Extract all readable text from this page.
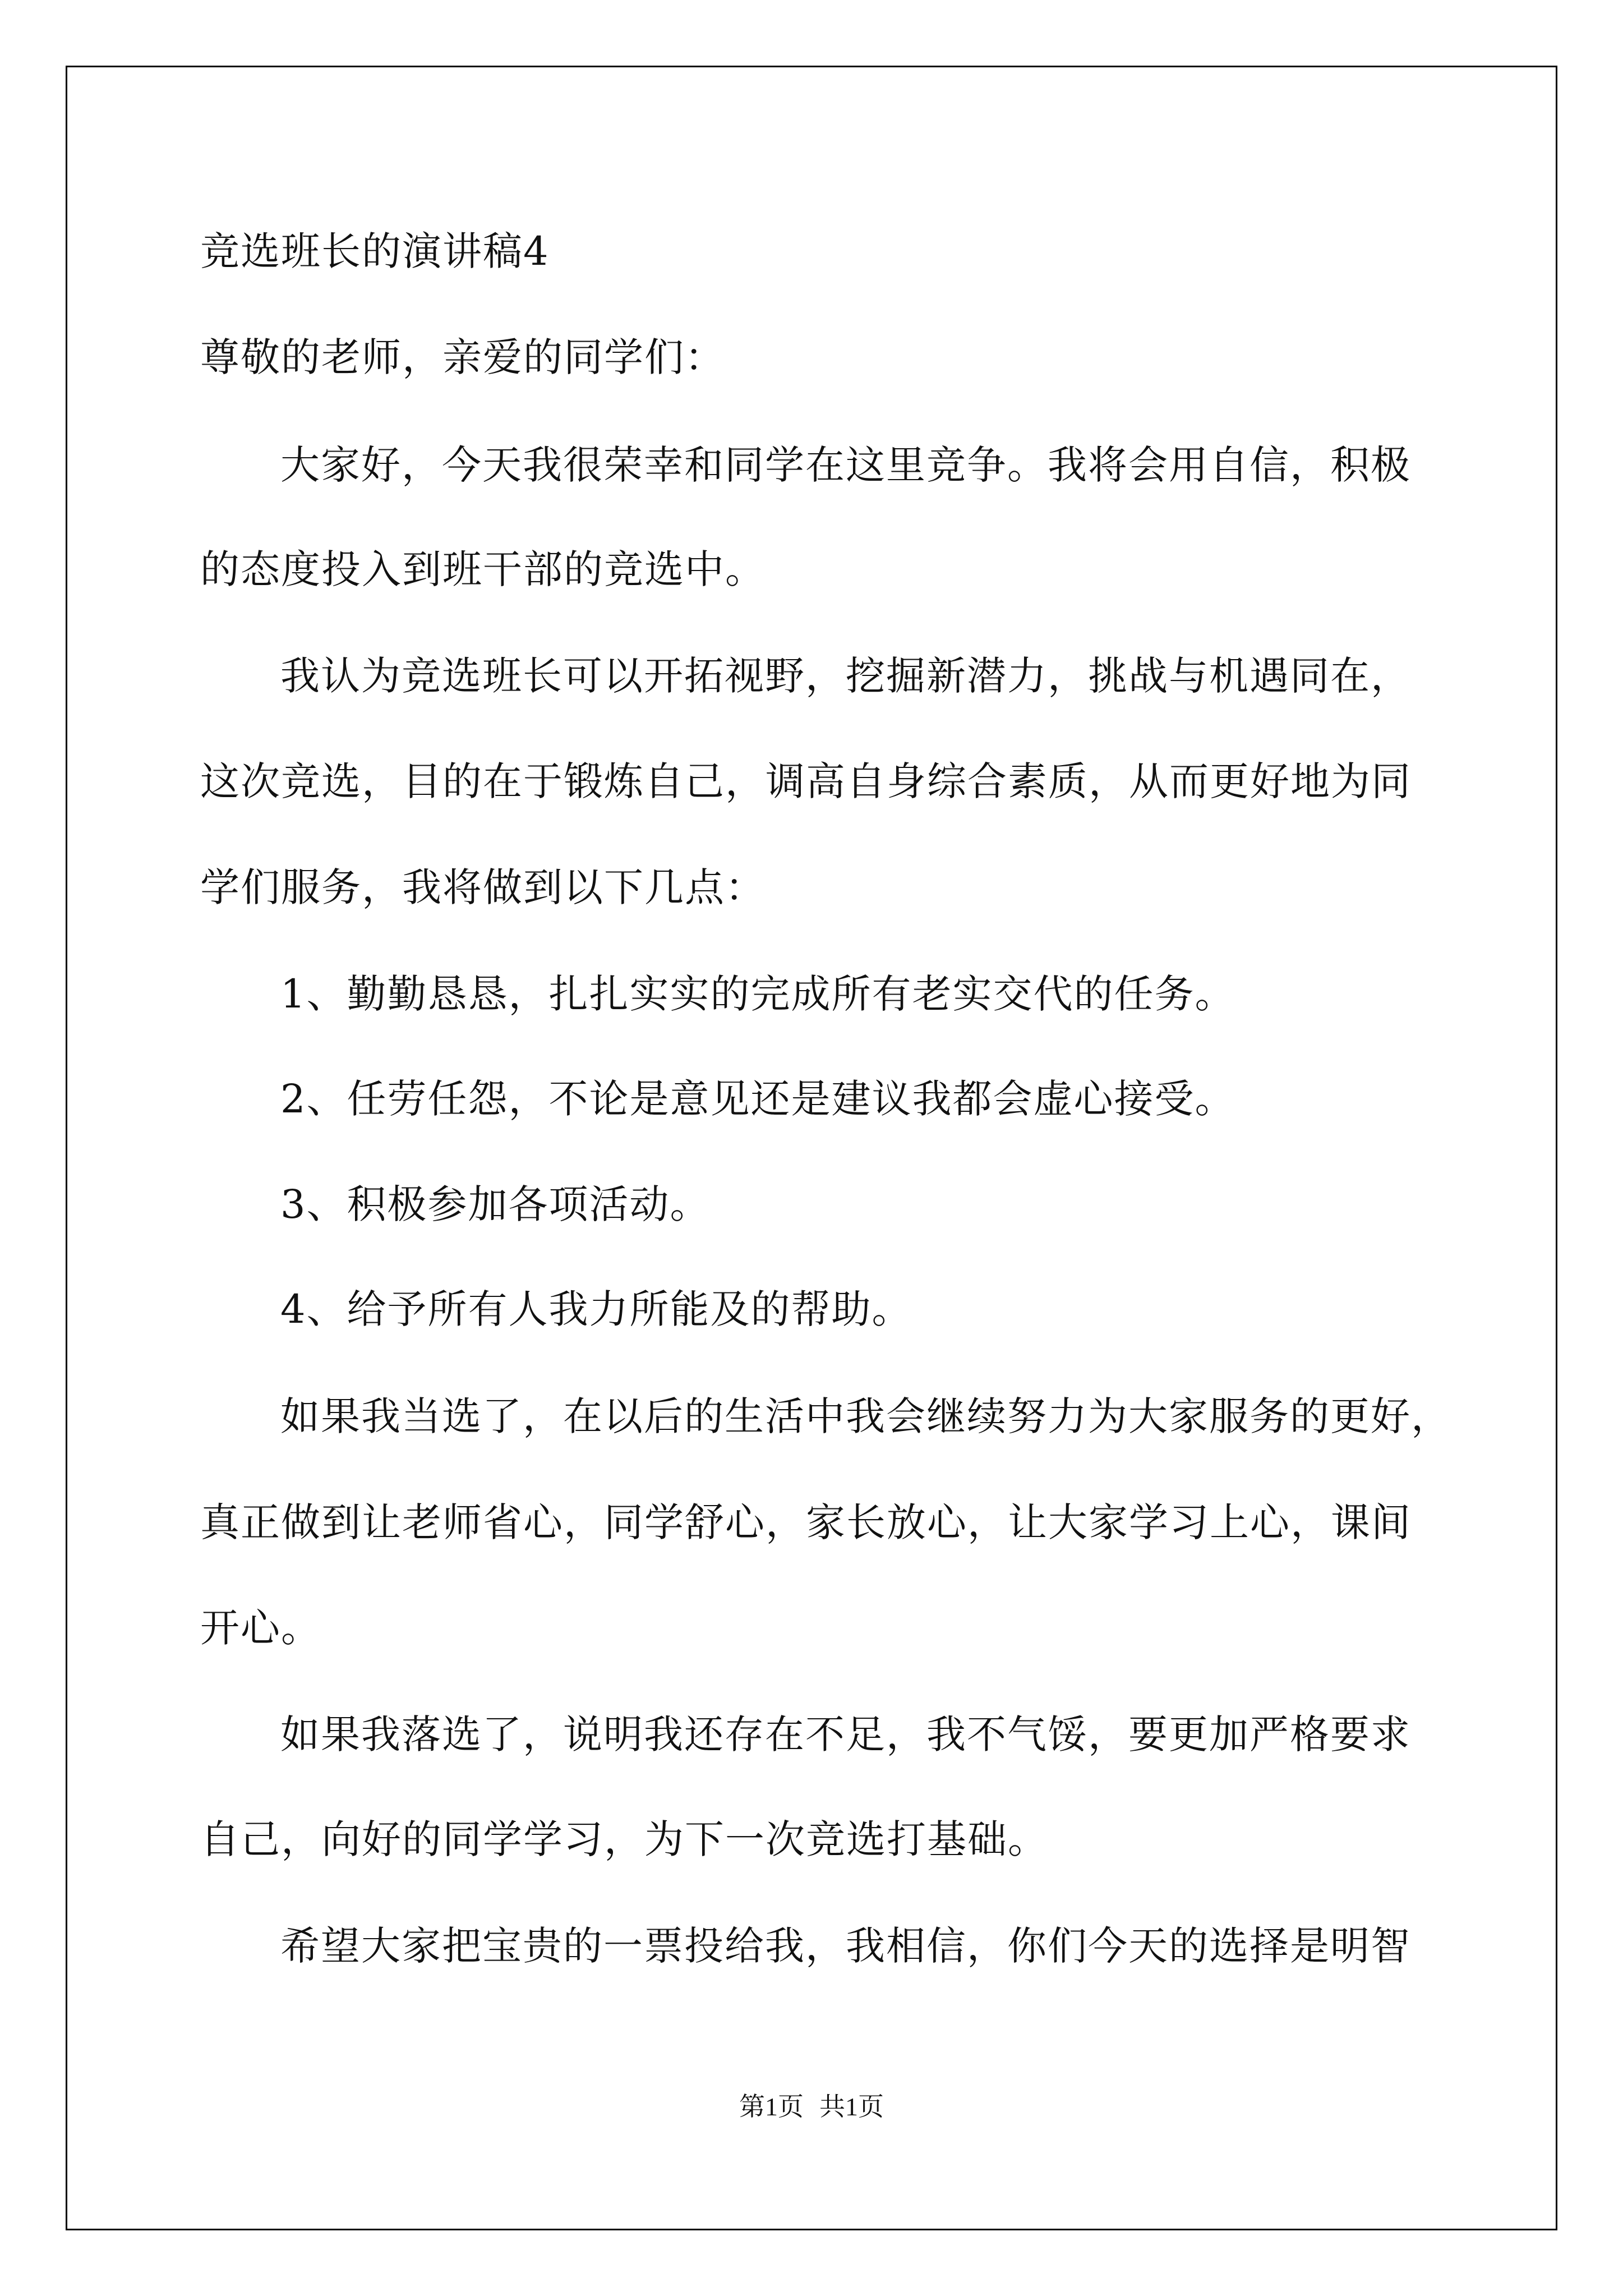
竞选班长的演讲稿4
尊敬的老师，亲爱的同学们：
大家好，今天我很荣幸和同学在这里竞争。我将会用自信，积极
的态度投入到班干部的竞选中。
我认为竞选班长可以开拓视野，挖掘新潜力，挑战与机遇同在，
这次竞选，目的在于锻炼自己，调高自身综合素质，从而更好地为同
学们服务，我将做到以下几点：
1、勤勤恳恳，扎扎实实的完成所有老实交代的任务。
2、任劳任怨，不论是意见还是建议我都会虚心接受。
3、积极参加各项活动。
4、给予所有人我力所能及的帮助。
如果我当选了，在以后的生活中我会继续努力为大家服务的更好，
真正做到让老师省心，同学舒心，家长放心，让大家学习上心，课间
开心。
如果我落选了，说明我还存在不足，我不气馁，要更加严格要求
自己，向好的同学学习，为下一次竞选打基础。
希望大家把宝贵的一票投给我，我相信，你们今天的选择是明智
第1页 共1页
